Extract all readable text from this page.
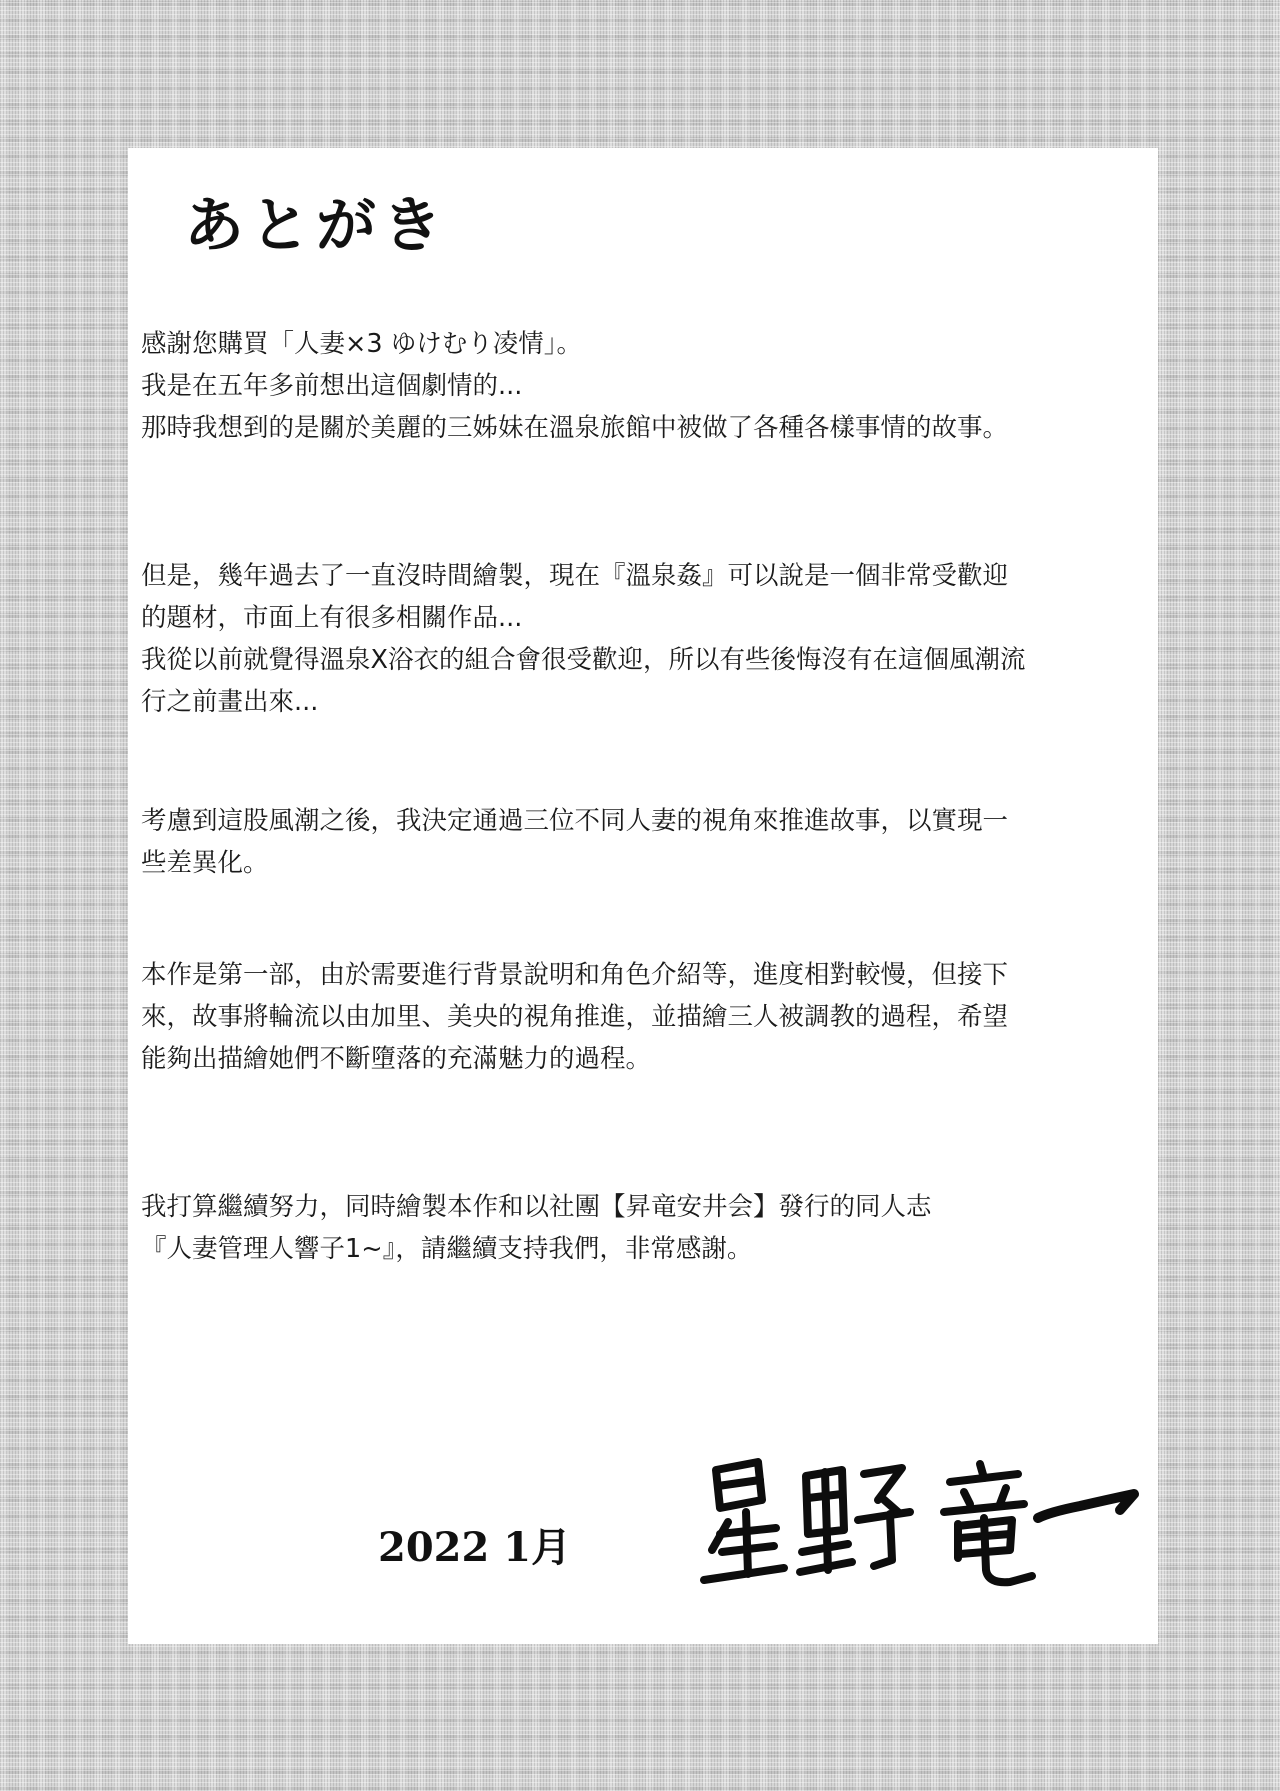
あとがき

感謝您購買「人妻×3 ゆけむり凌情」。
我是在五年多前想出這個劇情的...
那時我想到的是關於美麗的三姊妹在溫泉旅館中被做了各種各樣事情的故事。

但是，幾年過去了一直沒時間繪製，現在『溫泉姦』可以說是一個非常受歡迎
的題材，市面上有很多相關作品...
我從以前就覺得溫泉X浴衣的組合會很受歡迎，所以有些後悔沒有在這個風潮流
行之前畫出來...

考慮到這股風潮之後，我決定通過三位不同人妻的視角來推進故事，以實現一
些差異化。

本作是第一部，由於需要進行背景說明和角色介紹等，進度相對較慢，但接下
來，故事將輪流以由加里、美央的視角推進，並描繪三人被調教的過程，希望
能夠出描繪她們不斷墮落的充滿魅力的過程。

我打算繼續努力，同時繪製本作和以社團【昇竜安井会】發行的同人志
『人妻管理人響子1~』，請繼續支持我們，非常感謝。

2022 1月
